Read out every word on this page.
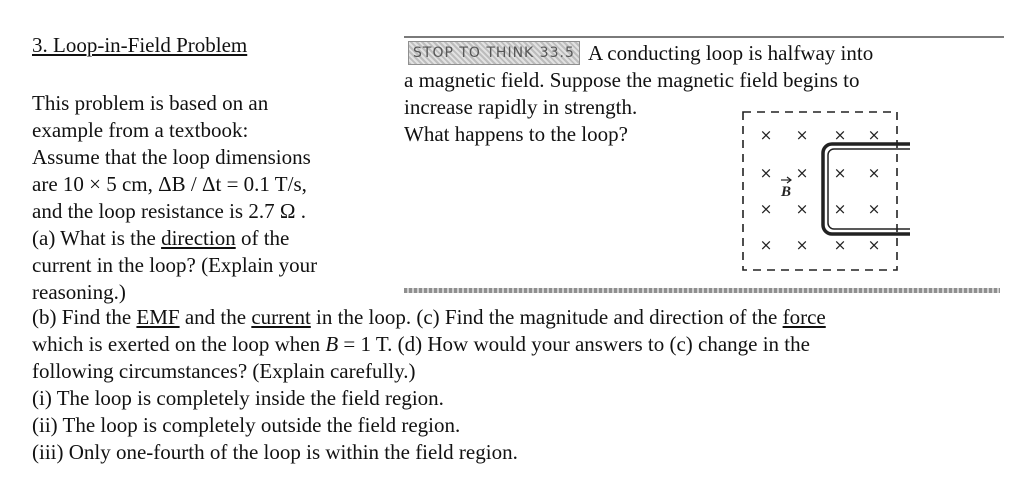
3. Loop-in-Field Problem
This problem is based on an
example from a textbook:
Assume that the loop dimensions
are 10 × 5 cm, ΔB / Δt = 0.1 T/s,
and the loop resistance is 2.7 Ω .
(a) What is the direction of the
current in the loop? (Explain your
reasoning.)
STOP TO THINK 33.5 A conducting loop is halfway into
a magnetic field. Suppose the magnetic field begins to
increase rapidly in strength.
What happens to the loop?	× × × ×
× × × ×
× × × ×
× × × ×
B
(b) Find the EMF and the current in the loop. (c) Find the magnitude and direction of the force
which is exerted on the loop when B = 1 T. (d) How would your answers to (c) change in the
following circumstances? (Explain carefully.)
(i) The loop is completely inside the field region.
(ii) The loop is completely outside the field region.
(iii) Only one-fourth of the loop is within the field region.
